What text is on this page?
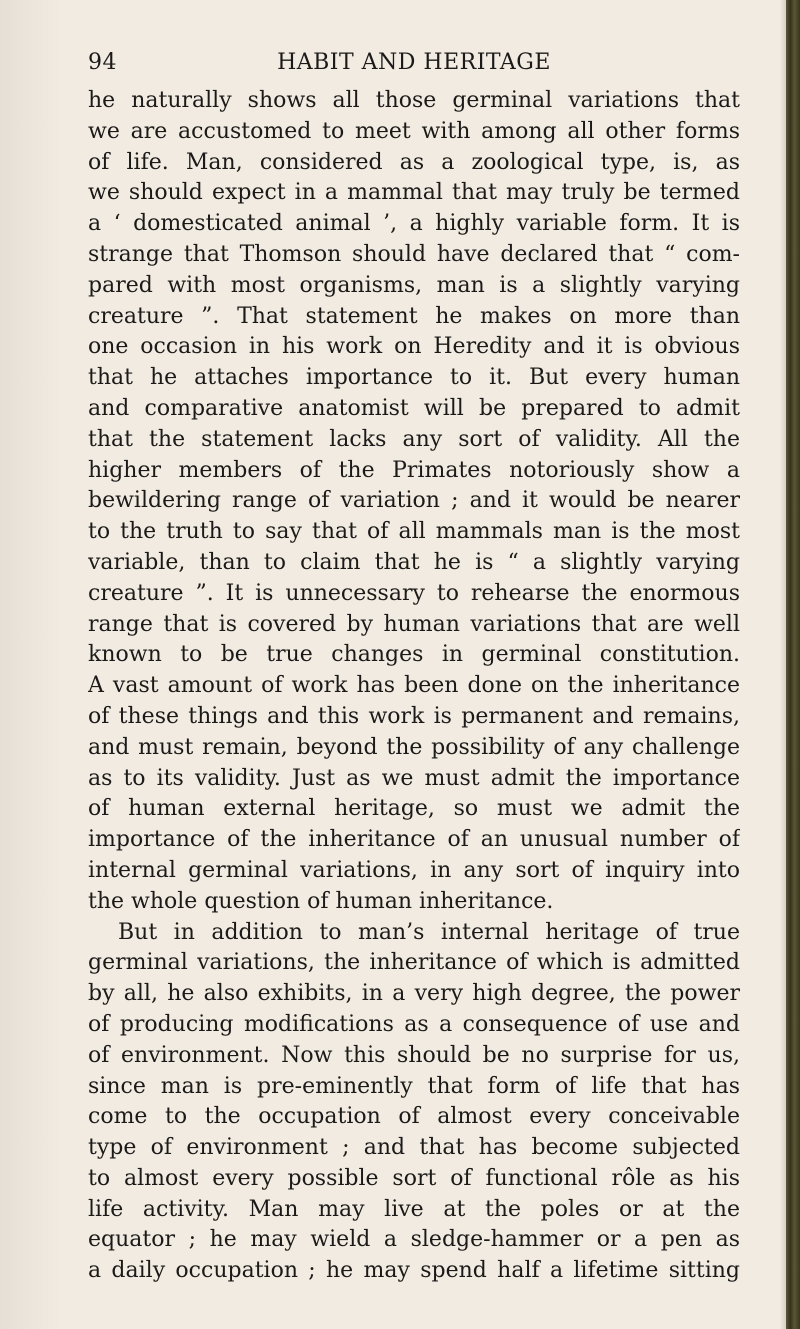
94	HABIT AND HERITAGE
he naturally shows all those germinal variations that
we are accustomed to meet with among all other forms
of life. Man, considered as a zoological type, is, as
we should expect in a mammal that may truly be termed
a ‘ domesticated animal ’, a highly variable form. It is
strange that Thomson should have declared that “ com-
pared with most organisms, man is a slightly varying
creature ”. That statement he makes on more than
one occasion in his work on Heredity and it is obvious
that he attaches importance to it. But every human
and comparative anatomist will be prepared to admit
that the statement lacks any sort of validity. All the
higher members of the Primates notoriously show a
bewildering range of variation ; and it would be nearer
to the truth to say that of all mammals man is the most
variable, than to claim that he is “ a slightly varying
creature ”. It is unnecessary to rehearse the enormous
range that is covered by human variations that are well
known to be true changes in germinal constitution.
A vast amount of work has been done on the inheritance
of these things and this work is permanent and remains,
and must remain, beyond the possibility of any challenge
as to its validity. Just as we must admit the importance
of human external heritage, so must we admit the
importance of the inheritance of an unusual number of
internal germinal variations, in any sort of inquiry into
the whole question of human inheritance.
But in addition to man’s internal heritage of true
germinal variations, the inheritance of which is admitted
by all, he also exhibits, in a very high degree, the power
of producing modifications as a consequence of use and
of environment. Now this should be no surprise for us,
since man is pre-eminently that form of life that has
come to the occupation of almost every conceivable
type of environment ; and that has become subjected
to almost every possible sort of functional rôle as his
life activity. Man may live at the poles or at the
equator ; he may wield a sledge-hammer or a pen as
a daily occupation ; he may spend half a lifetime sitting
